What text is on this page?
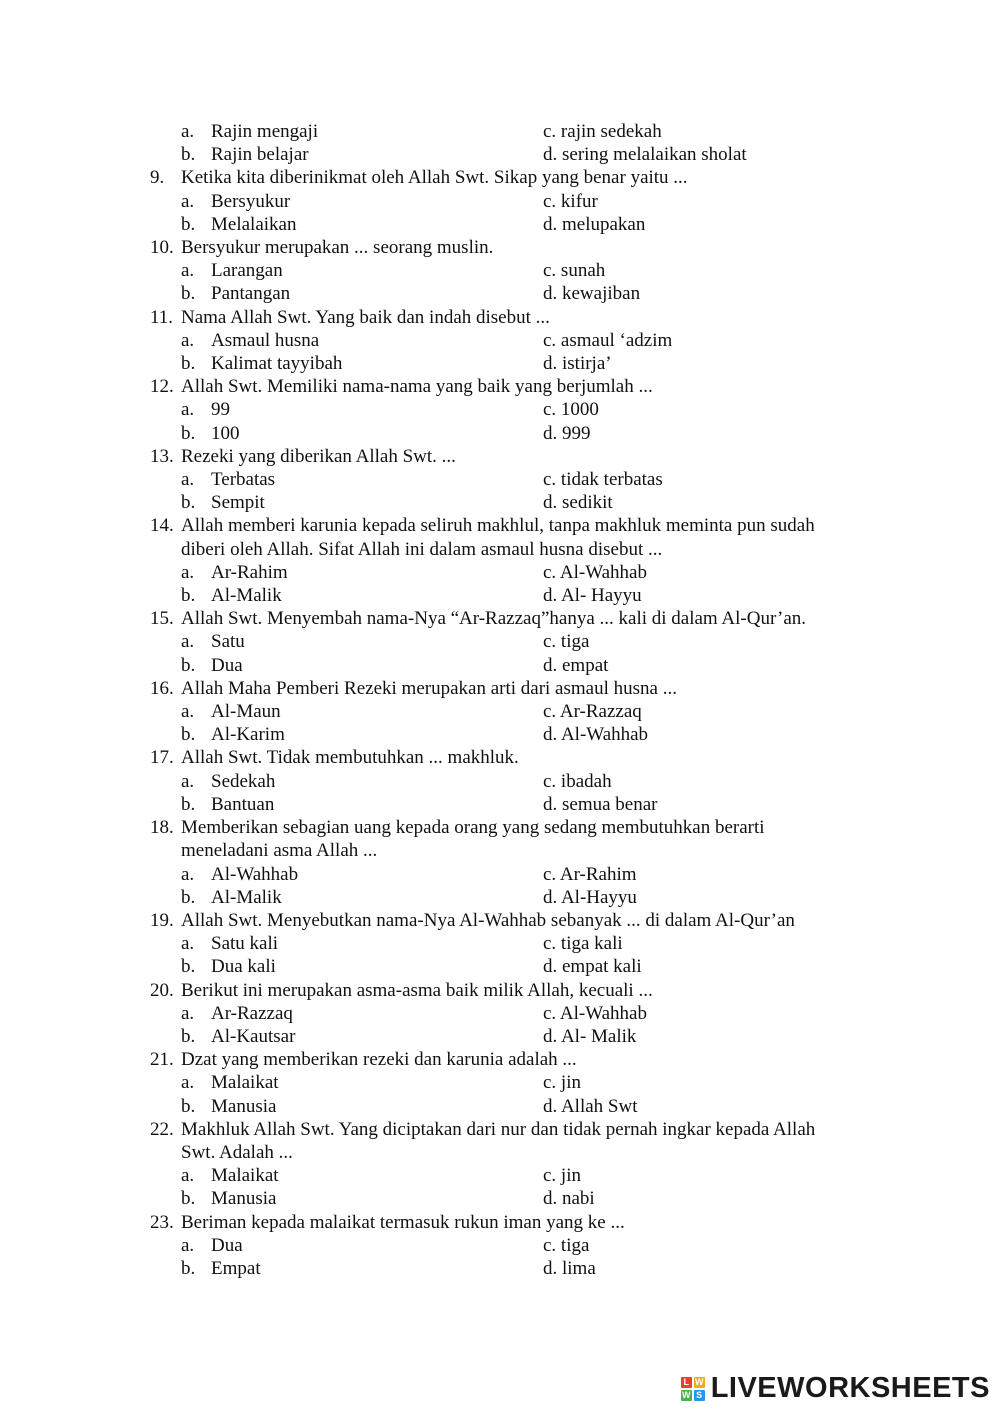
a. Rajin mengaji	c. rajin sedekah
b. Rajin belajar	d. sering melalaikan sholat
9. Ketika kita diberinikmat oleh Allah Swt. Sikap yang benar yaitu ...
a. Bersyukur	c. kifur
b. Melalaikan	d. melupakan
10. Bersyukur merupakan ... seorang muslin.
a. Larangan	c. sunah
b. Pantangan	d. kewajiban
11. Nama Allah Swt. Yang baik dan indah disebut ...
a. Asmaul husna	c. asmaul ‘adzim
b. Kalimat tayyibah	d. istirja’
12. Allah Swt. Memiliki nama-nama yang baik yang berjumlah ...
a. 99	c. 1000
b. 100	d. 999
13. Rezeki yang diberikan Allah Swt. ...
a. Terbatas	c. tidak terbatas
b. Sempit	d. sedikit
14. Allah memberi karunia kepada seliruh makhlul, tanpa makhluk meminta pun sudah
diberi oleh Allah. Sifat Allah ini dalam asmaul husna disebut ...
a. Ar-Rahim	c. Al-Wahhab
b. Al-Malik	d. Al- Hayyu
15. Allah Swt. Menyembah nama-Nya “Ar-Razzaq”hanya ... kali di dalam Al-Qur’an.
a. Satu	c. tiga
b. Dua	d. empat
16. Allah Maha Pemberi Rezeki merupakan arti dari asmaul husna ...
a. Al-Maun	c. Ar-Razzaq
b. Al-Karim	d. Al-Wahhab
17. Allah Swt. Tidak membutuhkan ... makhluk.
a. Sedekah	c. ibadah
b. Bantuan	d. semua benar
18. Memberikan sebagian uang kepada orang yang sedang membutuhkan berarti
meneladani asma Allah ...
a. Al-Wahhab	c. Ar-Rahim
b. Al-Malik	d. Al-Hayyu
19. Allah Swt. Menyebutkan nama-Nya Al-Wahhab sebanyak ... di dalam Al-Qur’an
a. Satu kali	c. tiga kali
b. Dua kali	d. empat kali
20. Berikut ini merupakan asma-asma baik milik Allah, kecuali ...
a. Ar-Razzaq	c. Al-Wahhab
b. Al-Kautsar	d. Al- Malik
21. Dzat yang memberikan rezeki dan karunia adalah ...
a. Malaikat	c. jin
b. Manusia	d. Allah Swt
22. Makhluk Allah Swt. Yang diciptakan dari nur dan tidak pernah ingkar kepada Allah
Swt. Adalah ...
a. Malaikat	c. jin
b. Manusia	d. nabi
23. Beriman kepada malaikat termasuk rukun iman yang ke ...
a. Dua	c. tiga
b. Empat	d. lima
L W
W S LIVEWORKSHEETS
